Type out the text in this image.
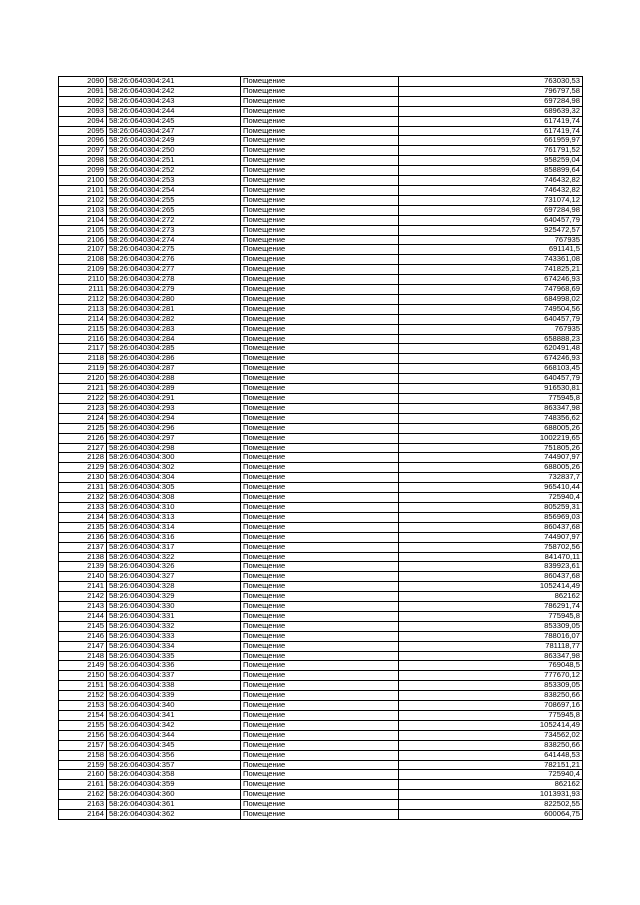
2090	58:26:0640304:241	Помещение	763030,53
2091	58:26:0640304:242	Помещение	796797,58
2092	58:26:0640304:243	Помещение	697284,98
2093	58:26:0640304:244	Помещение	689639,32
2094	58:26:0640304:245	Помещение	617419,74
2095	58:26:0640304:247	Помещение	617419,74
2096	58:26:0640304:249	Помещение	661959,97
2097	58:26:0640304:250	Помещение	761791,52
2098	58:26:0640304:251	Помещение	958259,04
2099	58:26:0640304:252	Помещение	858899,64
2100	58:26:0640304:253	Помещение	746432,82
2101	58:26:0640304:254	Помещение	746432,82
2102	58:26:0640304:255	Помещение	731074,12
2103	58:26:0640304:265	Помещение	697284,98
2104	58:26:0640304:272	Помещение	640457,79
2105	58:26:0640304:273	Помещение	925472,57
2106	58:26:0640304:274	Помещение	767935
2107	58:26:0640304:275	Помещение	691141,5
2108	58:26:0640304:276	Помещение	743361,08
2109	58:26:0640304:277	Помещение	741825,21
2110	58:26:0640304:278	Помещение	674246,93
2111	58:26:0640304:279	Помещение	747968,69
2112	58:26:0640304:280	Помещение	684998,02
2113	58:26:0640304:281	Помещение	749504,56
2114	58:26:0640304:282	Помещение	640457,79
2115	58:26:0640304:283	Помещение	767935
2116	58:26:0640304:284	Помещение	658888,23
2117	58:26:0640304:285	Помещение	620491,48
2118	58:26:0640304:286	Помещение	674246,93
2119	58:26:0640304:287	Помещение	668103,45
2120	58:26:0640304:288	Помещение	640457,79
2121	58:26:0640304:289	Помещение	916530,81
2122	58:26:0640304:291	Помещение	775945,8
2123	58:26:0640304:293	Помещение	863347,98
2124	58:26:0640304:294	Помещение	748356,62
2125	58:26:0640304:296	Помещение	688005,26
2126	58:26:0640304:297	Помещение	1002219,65
2127	58:26:0640304:298	Помещение	751805,26
2128	58:26:0640304:300	Помещение	744907,97
2129	58:26:0640304:302	Помещение	688005,26
2130	58:26:0640304:304	Помещение	732837,7
2131	58:26:0640304:305	Помещение	965410,44
2132	58:26:0640304:308	Помещение	725940,4
2133	58:26:0640304:310	Помещение	805259,31
2134	58:26:0640304:313	Помещение	856969,03
2135	58:26:0640304:314	Помещение	860437,68
2136	58:26:0640304:316	Помещение	744907,97
2137	58:26:0640304:317	Помещение	758702,56
2138	58:26:0640304:322	Помещение	841470,11
2139	58:26:0640304:326	Помещение	839923,61
2140	58:26:0640304:327	Помещение	860437,68
2141	58:26:0640304:328	Помещение	1052414,49
2142	58:26:0640304:329	Помещение	862162
2143	58:26:0640304:330	Помещение	786291,74
2144	58:26:0640304:331	Помещение	775945,8
2145	58:26:0640304:332	Помещение	853309,05
2146	58:26:0640304:333	Помещение	788016,07
2147	58:26:0640304:334	Помещение	781118,77
2148	58:26:0640304:335	Помещение	863347,98
2149	58:26:0640304:336	Помещение	769048,5
2150	58:26:0640304:337	Помещение	777670,12
2151	58:26:0640304:338	Помещение	853309,05
2152	58:26:0640304:339	Помещение	838250,66
2153	58:26:0640304:340	Помещение	708697,16
2154	58:26:0640304:341	Помещение	775945,8
2155	58:26:0640304:342	Помещение	1052414,49
2156	58:26:0640304:344	Помещение	734562,02
2157	58:26:0640304:345	Помещение	838250,66
2158	58:26:0640304:356	Помещение	641448,53
2159	58:26:0640304:357	Помещение	782151,21
2160	58:26:0640304:358	Помещение	725940,4
2161	58:26:0640304:359	Помещение	862162
2162	58:26:0640304:360	Помещение	1013931,93
2163	58:26:0640304:361	Помещение	822502,55
2164	58:26:0640304:362	Помещение	600064,75
